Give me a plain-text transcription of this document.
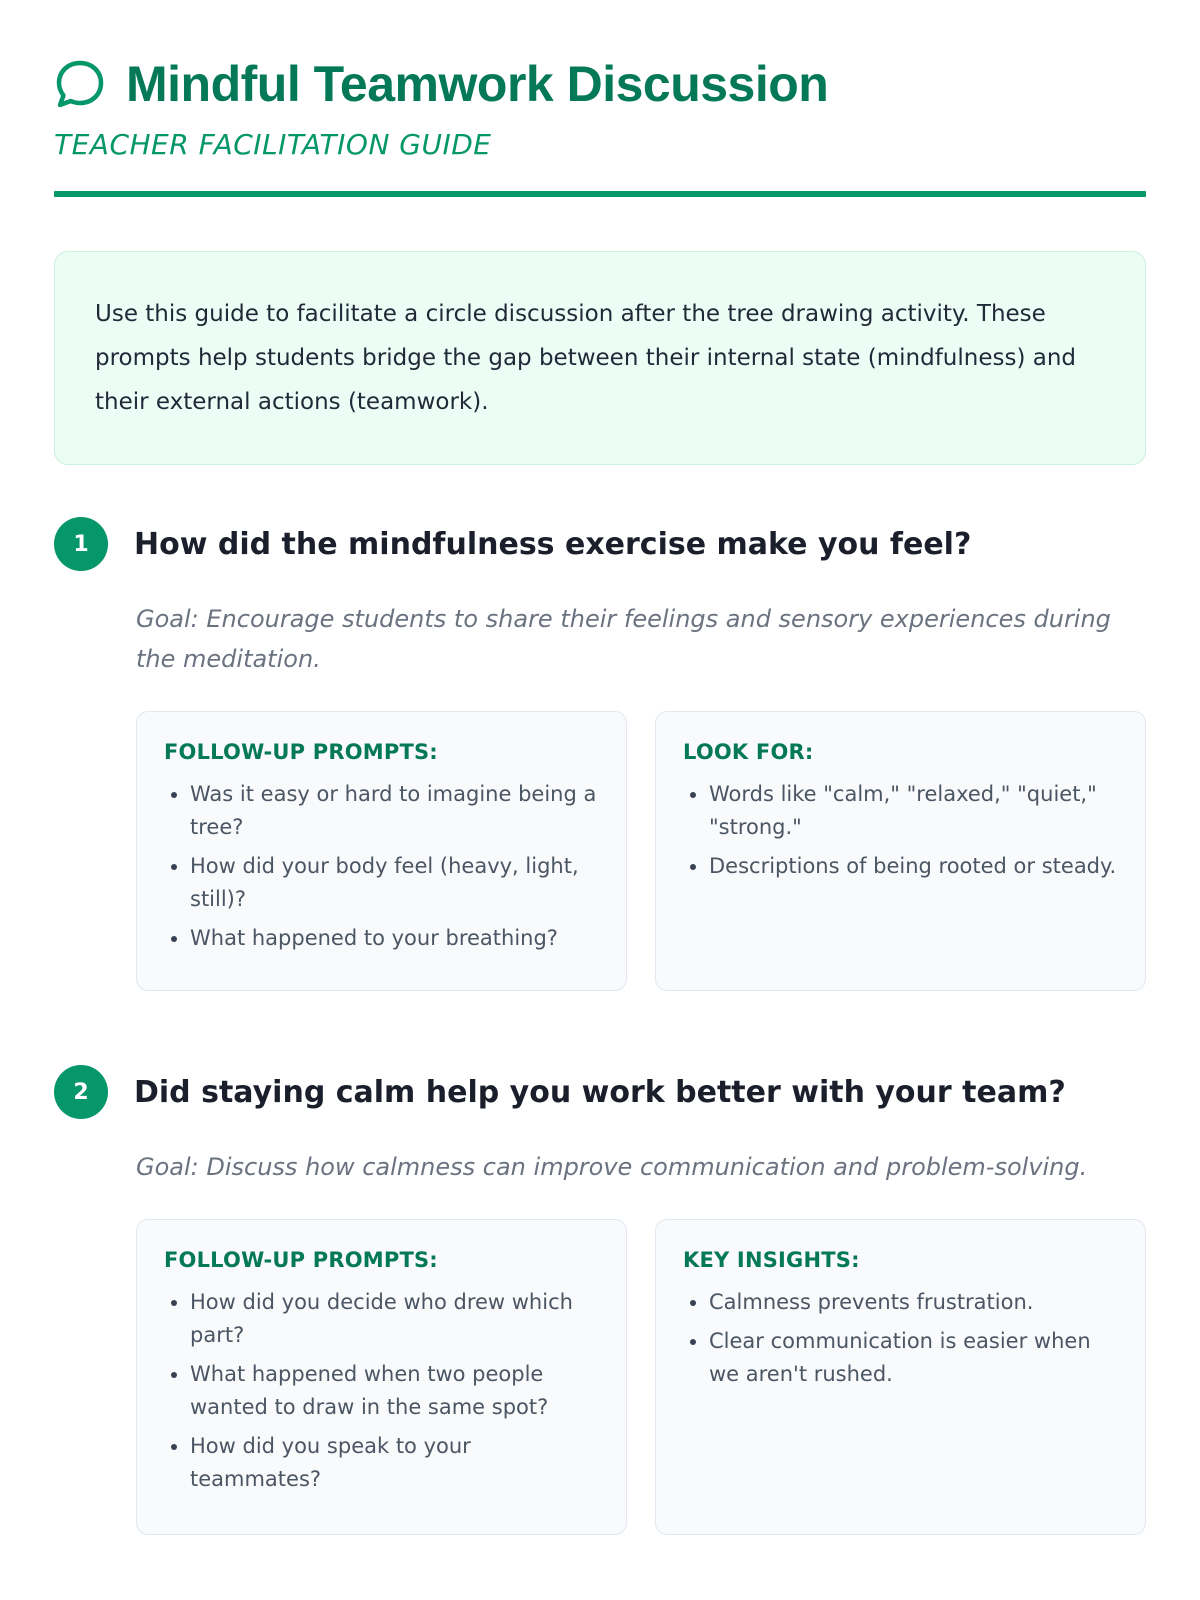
Mindful Teamwork Discussion
TEACHER FACILITATION GUIDE
Use this guide to facilitate a circle discussion after the tree drawing activity. These prompts help students bridge the gap between their internal state (mindfulness) and their external actions (teamwork).
1	How did the mindfulness exercise make you feel?
Goal: Encourage students to share their feelings and sensory experiences during the meditation.
FOLLOW-UP PROMPTS:
• Was it easy or hard to imagine being a tree?
• How did your body feel (heavy, light, still)?
• What happened to your breathing?
LOOK FOR:
• Words like "calm," "relaxed," "quiet," "strong."
• Descriptions of being rooted or steady.
2	Did staying calm help you work better with your team?
Goal: Discuss how calmness can improve communication and problem-solving.
FOLLOW-UP PROMPTS:
• How did you decide who drew which part?
• What happened when two people wanted to draw in the same spot?
• How did you speak to your teammates?
KEY INSIGHTS:
• Calmness prevents frustration.
• Clear communication is easier when we aren't rushed.
